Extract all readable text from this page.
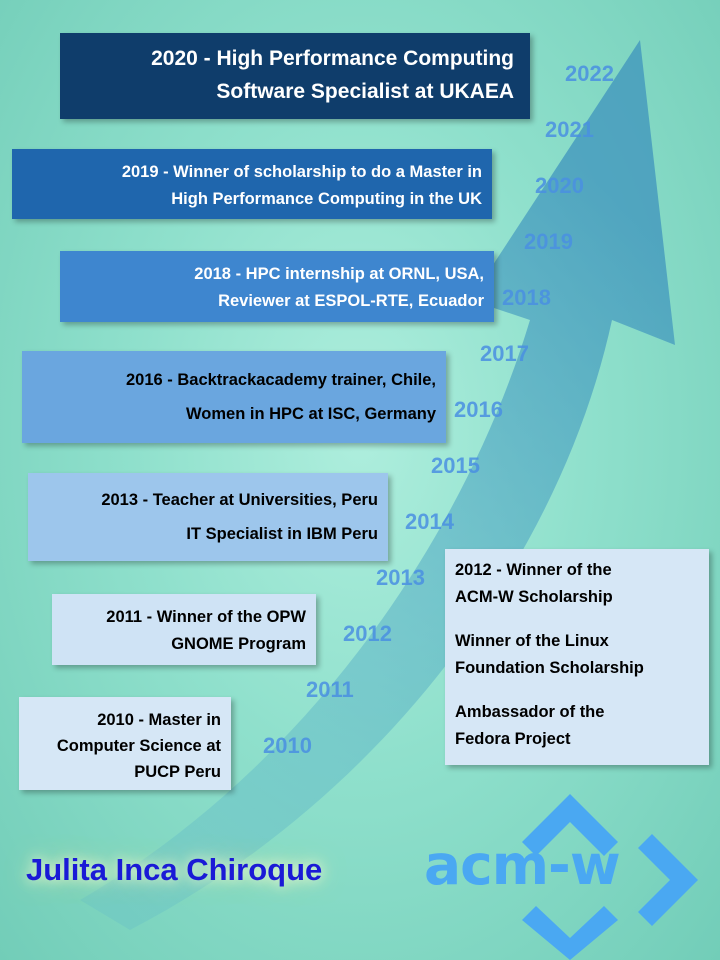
2010
2011
2012
2013
2014
2015
2016
2017
2018
2019
2020
2021
2022
2020 - High Performance Computing
Software Specialist at UKAEA
2019 - Winner of scholarship to do a Master in
High Performance Computing in the UK
2018 - HPC internship at ORNL, USA,
Reviewer at ESPOL-RTE, Ecuador
2016 - Backtrackacademy trainer, Chile,
Women in HPC at ISC, Germany
2013 - Teacher at Universities, Peru
IT Specialist in IBM Peru
2012 - Winner of the
ACM-W Scholarship
Winner of the Linux
Foundation Scholarship
Ambassador of the
Fedora Project
2011 - Winner of the OPW
GNOME Program
2010 - Master in
Computer Science at
PUCP Peru
Julita Inca Chiroque acm-w
